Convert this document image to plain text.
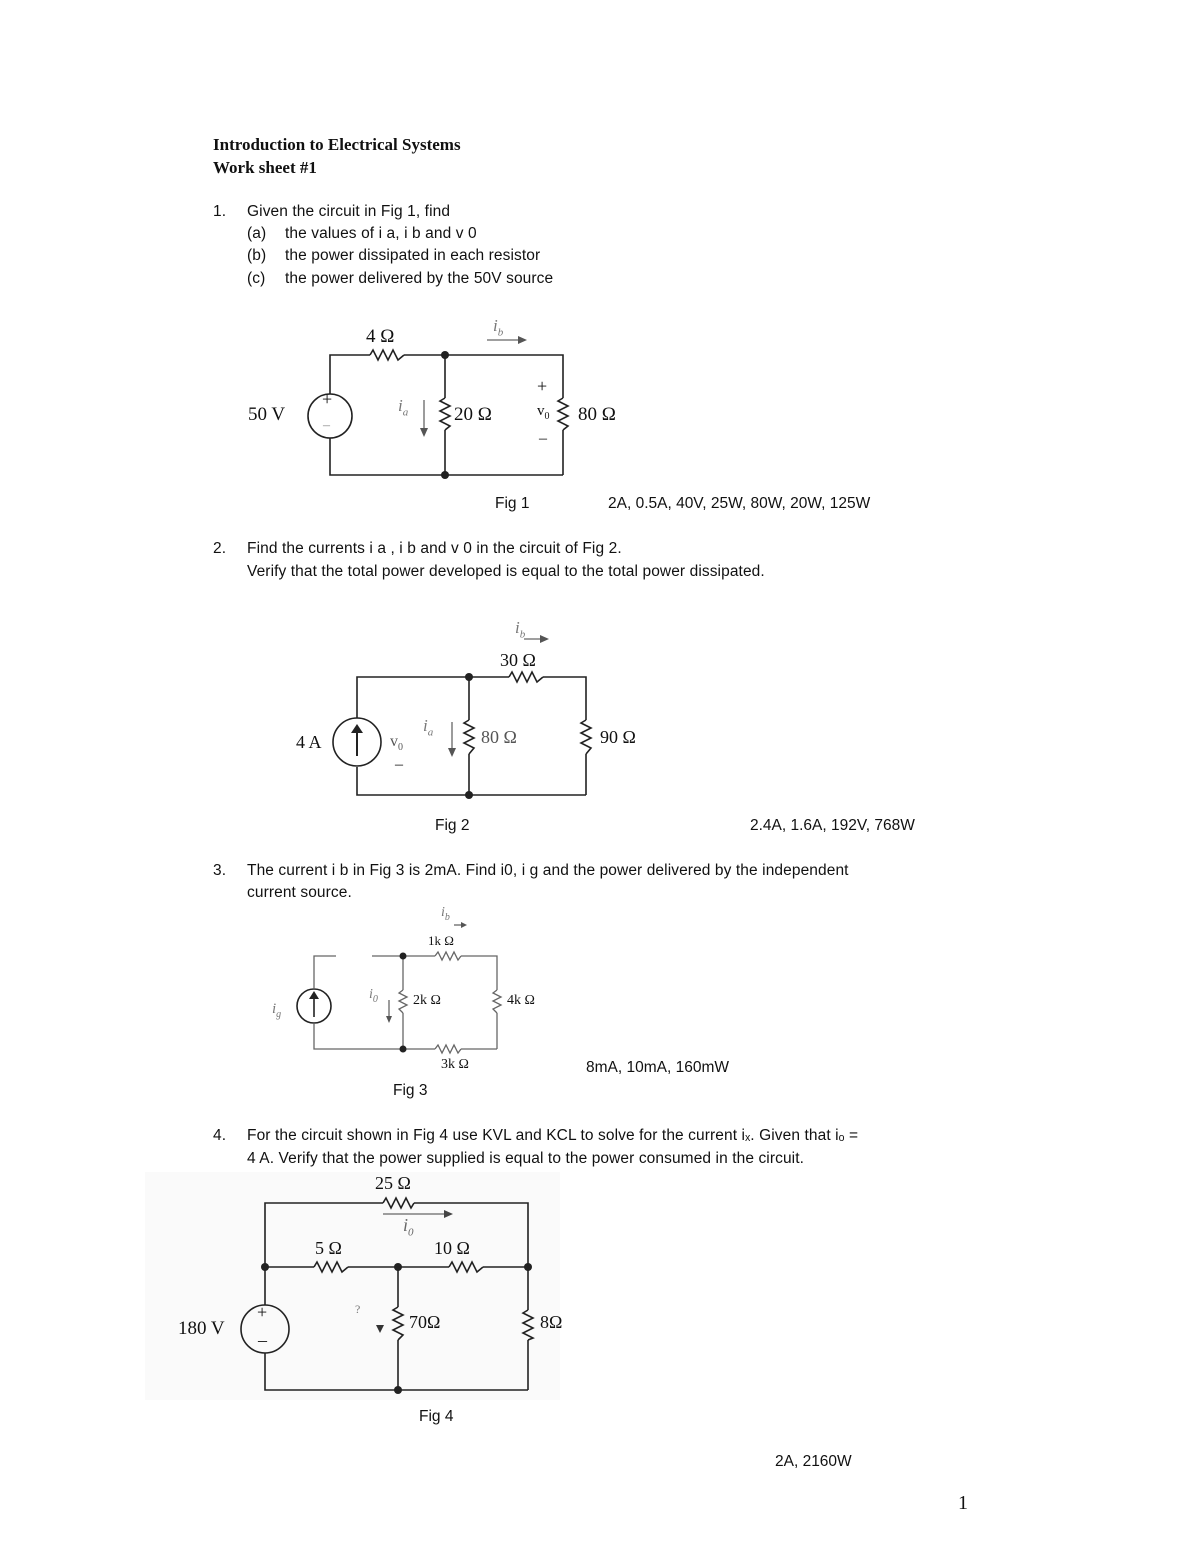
Introduction to Electrical Systems
Work sheet #1
1. Given the circuit in Fig 1, find
(a) the values of i a, i b and v 0
(b) the power dissipated in each resistor
(c) the power delivered by the 50V source
4 Ω
50 V
+
–
20 Ω	80 Ω
$i_a$
$i_b$
$v_0$
+
–
Fig 1	2A, 0.5A, 40V, 25W, 80W, 20W, 125W
2. Find the currents i a , i b and v 0 in the circuit of Fig 2.
Verify that the total power developed is equal to the total power dissipated.
30 Ω
4 A	80 Ω	90 Ω
$i_a$
$i_b$
$v_0$
–
Fig 2	2.4A, 1.6A, 192V, 768W
3. The current i b in Fig 3 is 2mA. Find i0, i g and the power delivered by the independent
current source.
1k Ω
2k Ω	4k Ω
3k Ω
$i_g$
$i_0$
$i_b$
Fig 3
8mA, 10mA, 160mW
4. For the circuit shown in Fig 4 use KVL and KCL to solve for the current iₓ. Given that iₒ =
4 A. Verify that the power supplied is equal to the power consumed in the circuit.
25 Ω
$i_0$
5 Ω	10 Ω
180 V
+
–
70Ω	8Ω
?
Fig 4
2A, 2160W
1
